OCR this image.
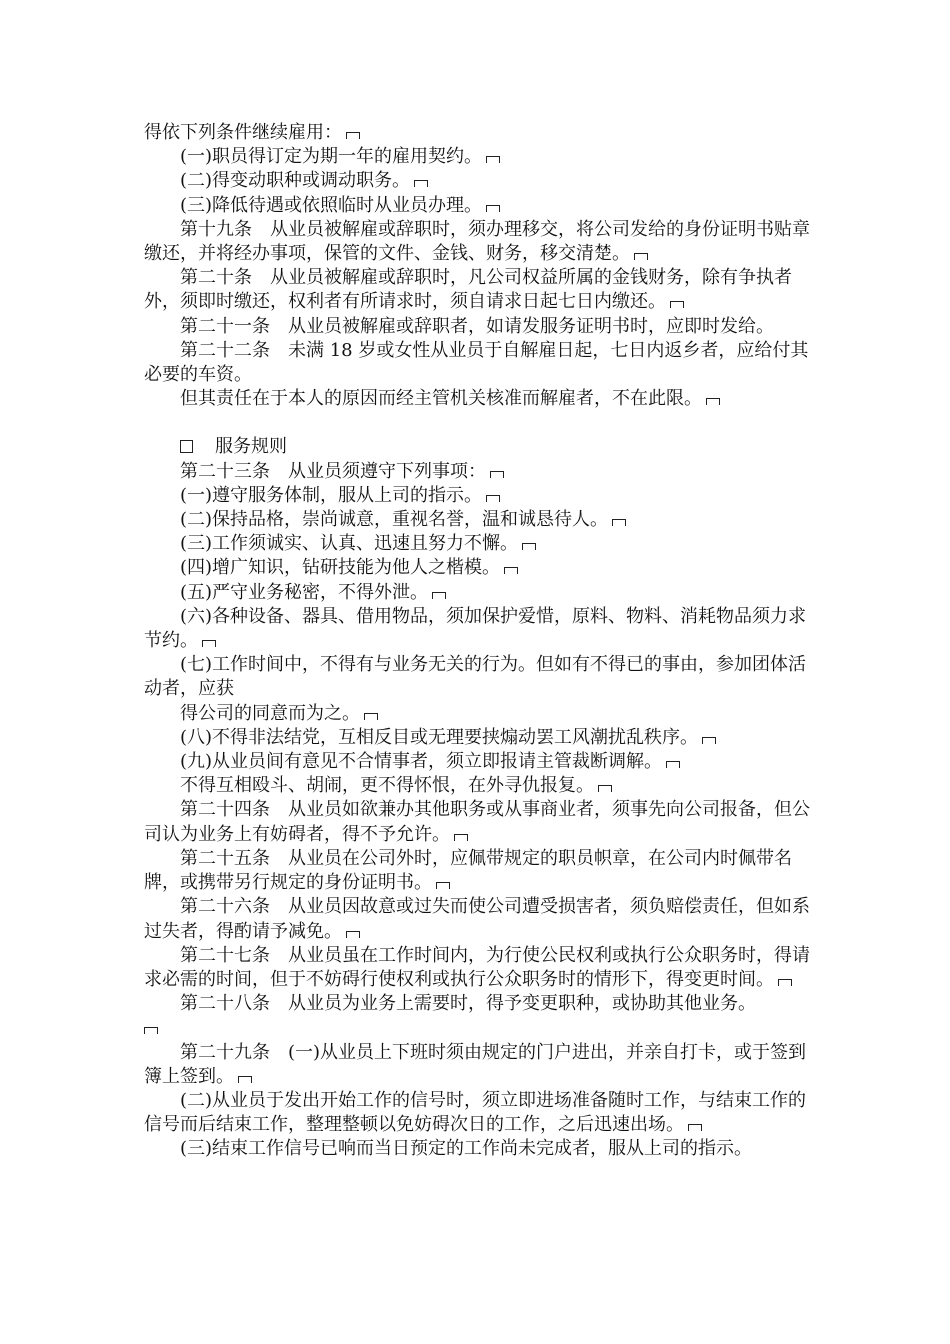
得依下列条件继续雇用：

(一)职员得订定为期一年的雇用契约。

(二)得变动职种或调动职务。

(三)降低待遇或依照临时从业员办理。

第十九条　从业员被解雇或辞职时，须办理移交，将公司发给的身份证明书贴章缴还，并将经办事项，保管的文件、金钱、财务，移交清楚。

第二十条　从业员被解雇或辞职时，凡公司权益所属的金钱财务，除有争执者外，须即时缴还，权利者有所请求时，须自请求日起七日内缴还。

第二十一条　从业员被解雇或辞职者，如请发服务证明书时，应即时发给。

第二十二条　未满 18 岁或女性从业员于自解雇日起，七日内返乡者，应给付其必要的车资。

但其责任在于本人的原因而经主管机关核准而解雇者，不在此限。

服务规则

第二十三条　从业员须遵守下列事项：

(一)遵守服务体制，服从上司的指示。

(二)保持品格，崇尚诚意，重视名誉，温和诚恳待人。

(三)工作须诚实、认真、迅速且努力不懈。

(四)增广知识，钻研技能为他人之楷模。

(五)严守业务秘密，不得外泄。

(六)各种设备、器具、借用物品，须加保护爱惜，原料、物料、消耗物品须力求节约。

(七)工作时间中，不得有与业务无关的行为。但如有不得已的事由，参加团体活动者，应获

得公司的同意而为之。

(八)不得非法结党，互相反目或无理要挟煽动罢工风潮扰乱秩序。

(九)从业员间有意见不合情事者，须立即报请主管裁断调解。

不得互相殴斗、胡闹，更不得怀恨，在外寻仇报复。

第二十四条　从业员如欲兼办其他职务或从事商业者，须事先向公司报备，但公司认为业务上有妨碍者，得不予允许。

第二十五条　从业员在公司外时，应佩带规定的职员帜章，在公司内时佩带名牌，或携带另行规定的身份证明书。

第二十六条　从业员因故意或过失而使公司遭受损害者，须负赔偿责任，但如系过失者，得酌请予减免。

第二十七条　从业员虽在工作时间内，为行使公民权利或执行公众职务时，得请求必需的时间，但于不妨碍行使权利或执行公众职务时的情形下，得变更时间。

第二十八条　从业员为业务上需要时，得予变更职种，或协助其他业务。

第二十九条　(一)从业员上下班时须由规定的门户进出，并亲自打卡，或于签到簿上签到。

(二)从业员于发出开始工作的信号时，须立即进场准备随时工作，与结束工作的信号而后结束工作，整理整顿以免妨碍次日的工作，之后迅速出场。

(三)结束工作信号已响而当日预定的工作尚未完成者，服从上司的指示。
